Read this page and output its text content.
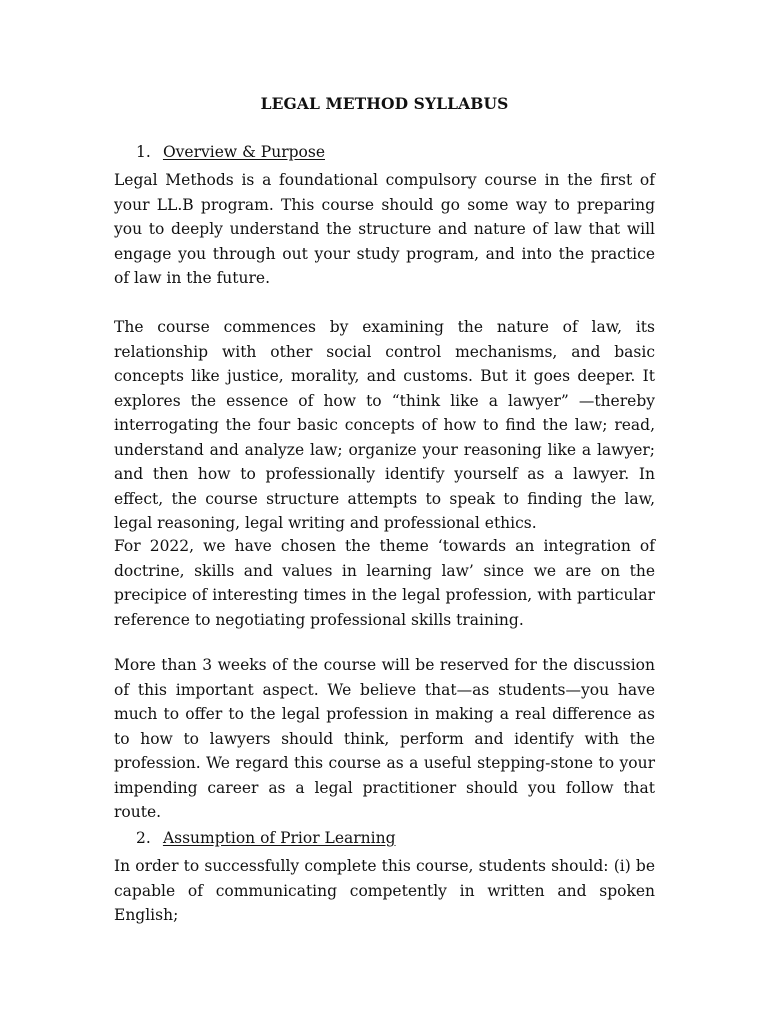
LEGAL METHOD SYLLABUS
1. Overview & Purpose

Legal Methods is a foundational compulsory course in the first of your LL.B program. This course should go some way to preparing you to deeply understand the structure and nature of law that will engage you through out your study program, and into the practice of law in the future.

The course commences by examining the nature of law, its relationship with other social control mechanisms, and basic concepts like justice, morality, and customs. But it goes deeper. It explores the essence of how to “think like a lawyer” —thereby interrogating the four basic concepts of how to find the law; read, understand and analyze law; organize your reasoning like a lawyer; and then how to professionally identify yourself as a lawyer. In effect, the course structure attempts to speak to finding the law, legal reasoning, legal writing and professional ethics.

For 2022, we have chosen the theme ‘towards an integration of doctrine, skills and values in learning law’ since we are on the precipice of interesting times in the legal profession, with particular reference to negotiating professional skills training.

More than 3 weeks of the course will be reserved for the discussion of this important aspect. We believe that—as students—you have much to offer to the legal profession in making a real difference as to how to lawyers should think, perform and identify with the profession. We regard this course as a useful stepping-stone to your impending career as a legal practitioner should you follow that route.

2. Assumption of Prior Learning

In order to successfully complete this course, students should: (i) be capable of communicating competently in written and spoken English;
